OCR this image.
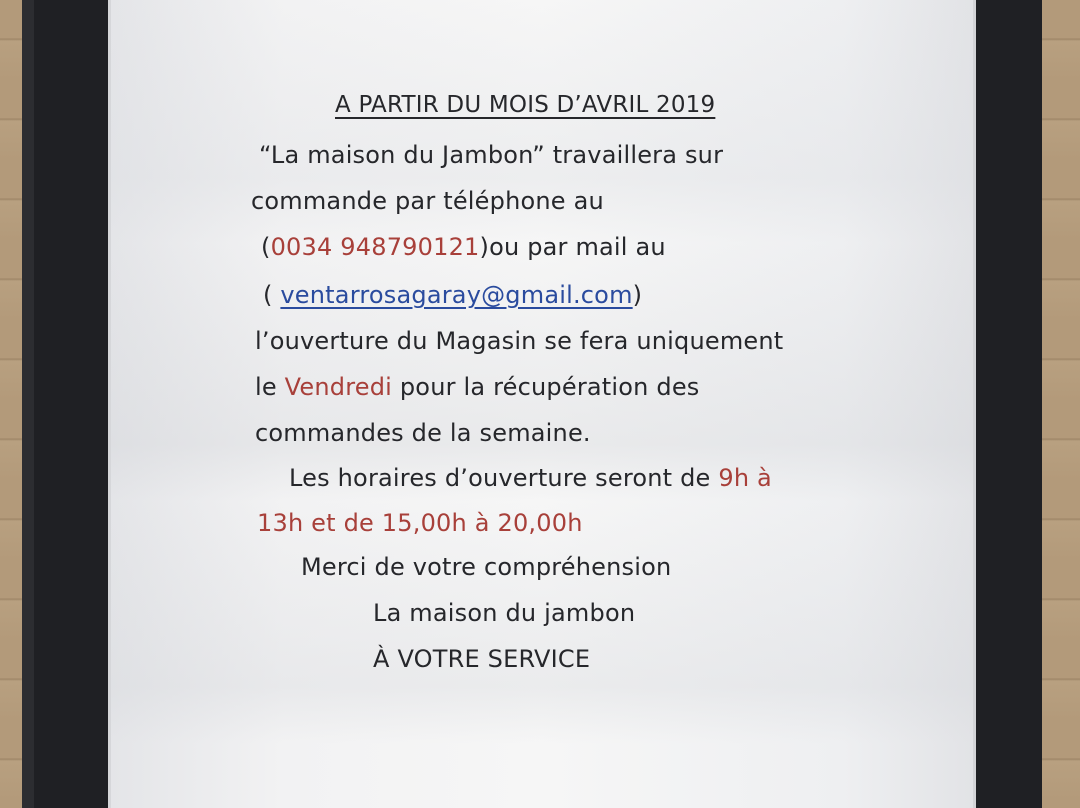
A PARTIR DU MOIS D’AVRIL 2019
“La maison du Jambon” travaillera sur
commande par téléphone au
(0034 948790121)ou par mail au
( ventarrosagaray@gmail.com)
l’ouverture du Magasin se fera uniquement
le Vendredi pour la récupération des
commandes de la semaine.
Les horaires d’ouverture seront de 9h à
13h et de 15,00h à 20,00h
Merci de votre compréhension
La maison du jambon
À VOTRE SERVICE
